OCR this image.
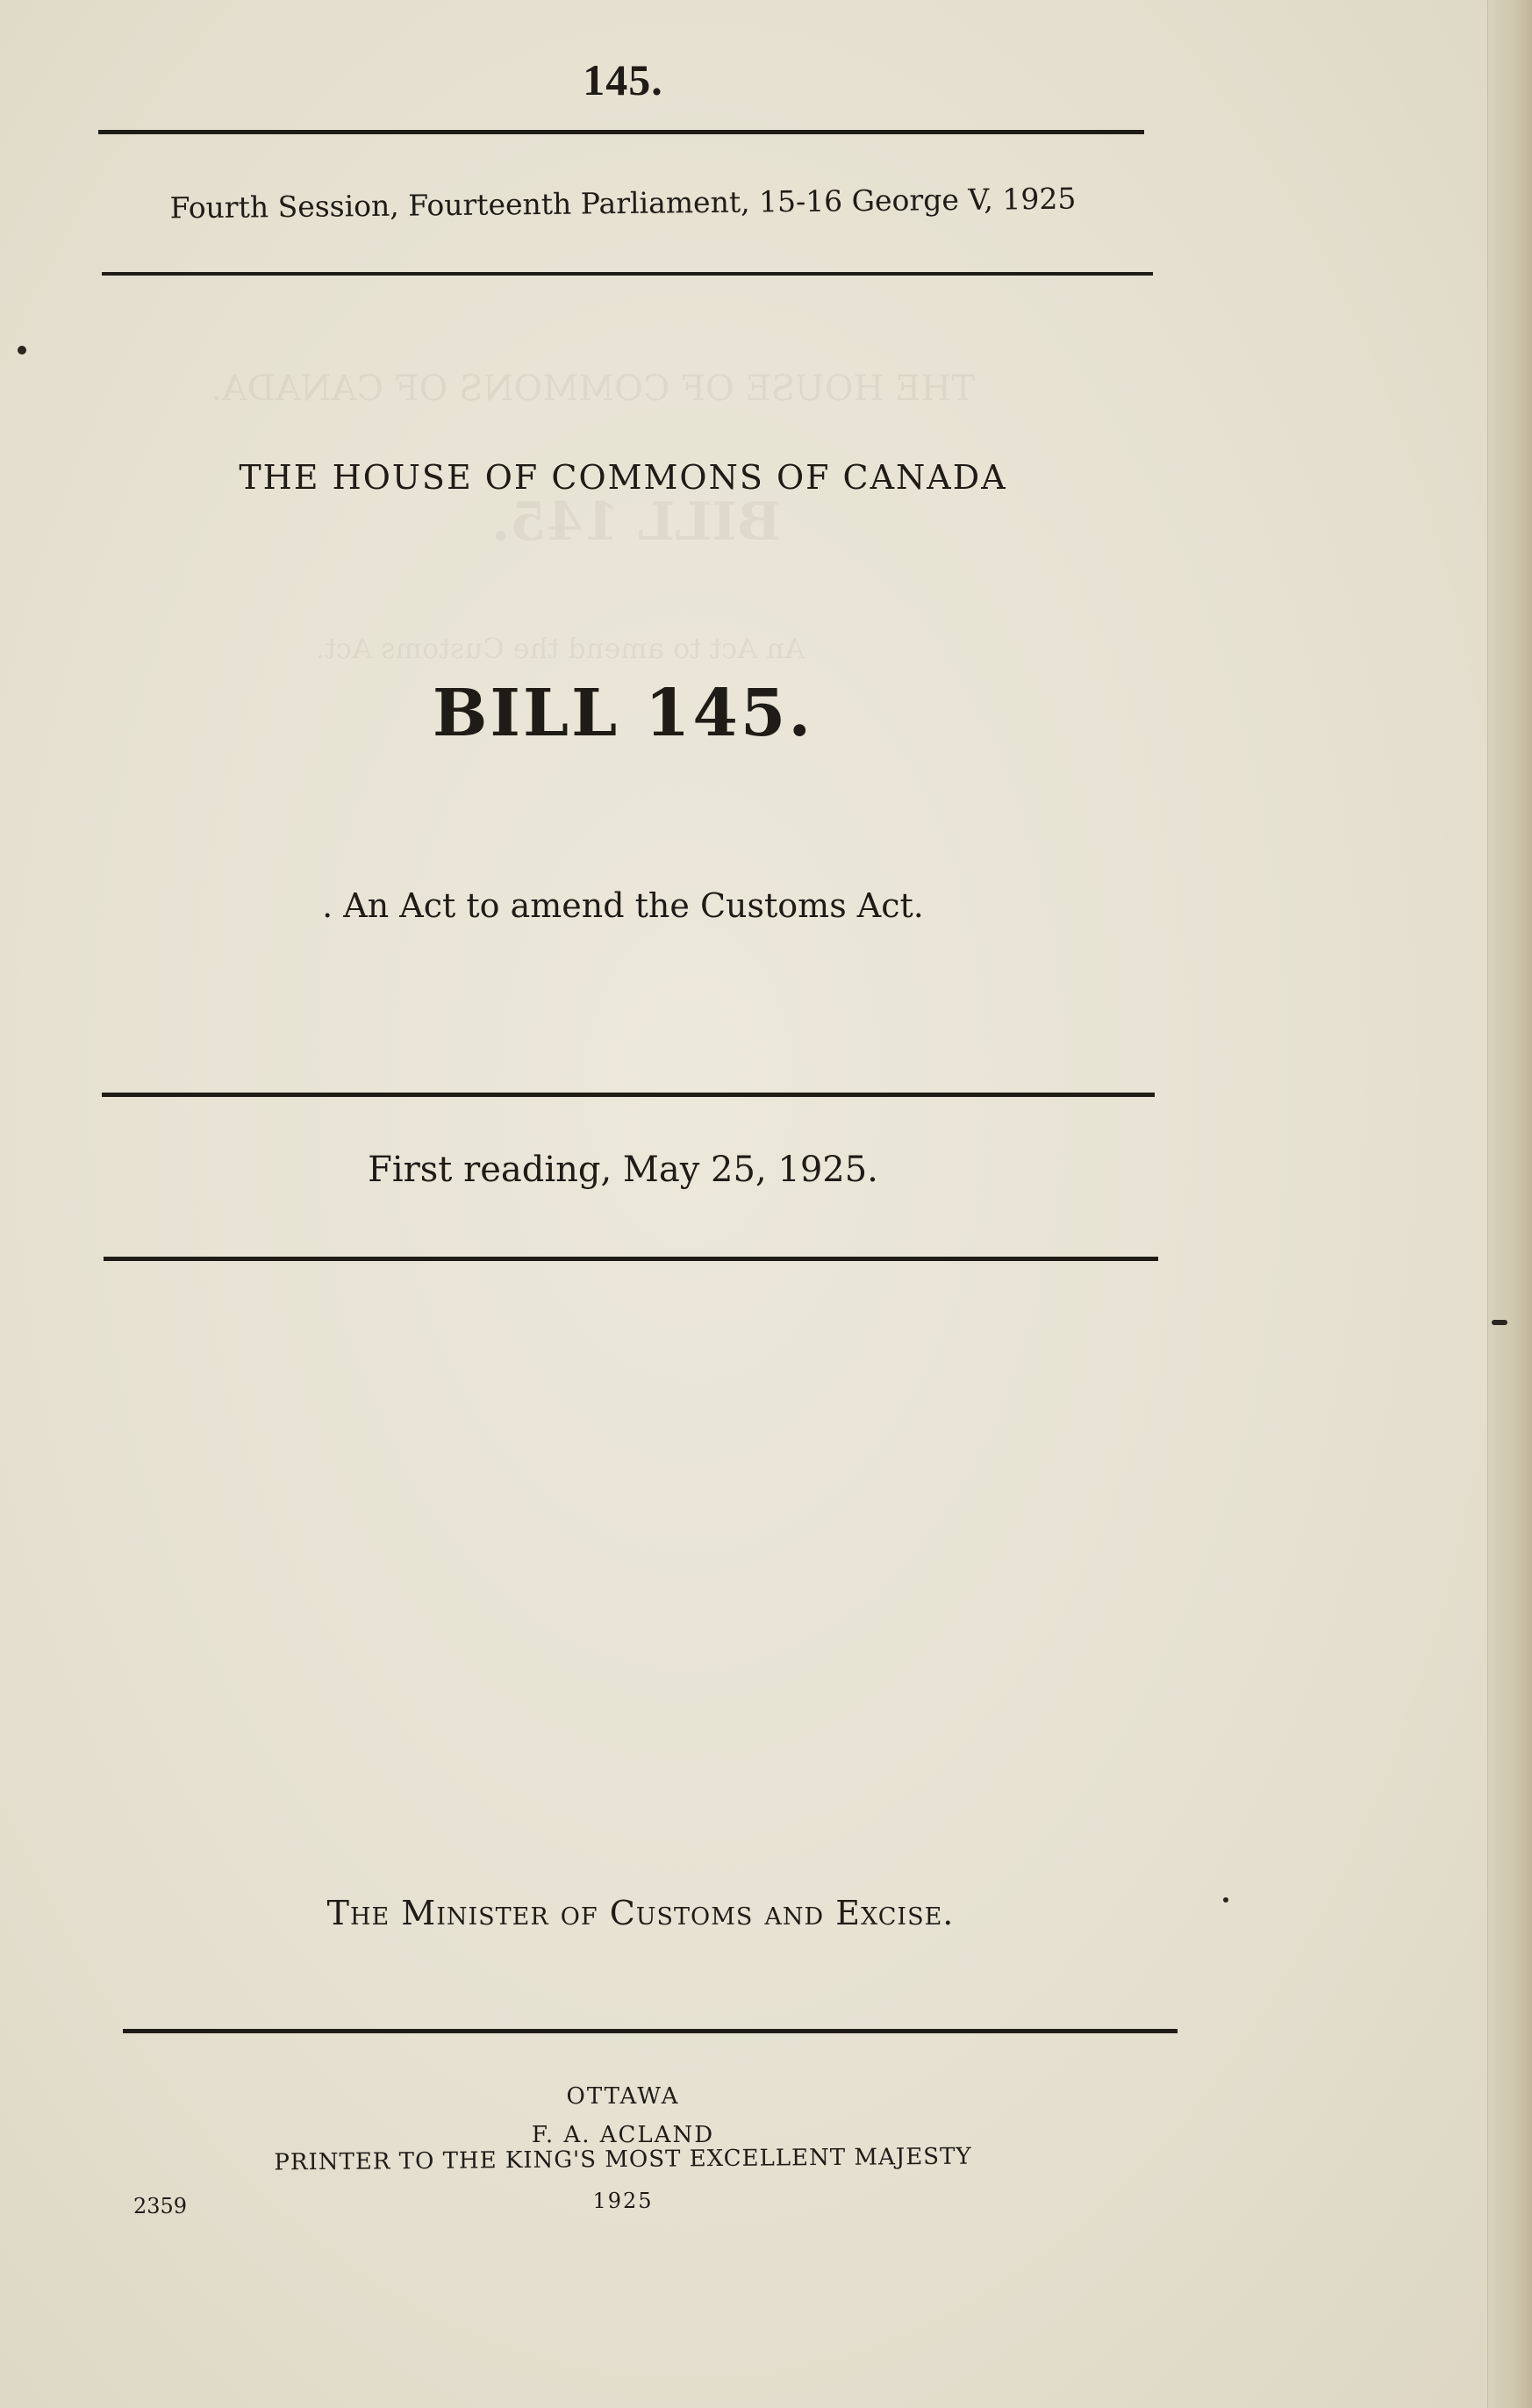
THE HOUSE OF COMMONS OF CANADA.
BILL 145.
An Act to amend the Customs Act.
145.
Fourth Session, Fourteenth Parliament, 15-16 George V, 1925
THE HOUSE OF COMMONS OF CANADA
BILL 145.
. An Act to amend the Customs Act.
First reading, May 25, 1925.
The Minister of Customs and Excise.
OTTAWA
F. A. ACLAND
PRINTER TO THE KING'S MOST EXCELLENT MAJESTY
1925
2359
